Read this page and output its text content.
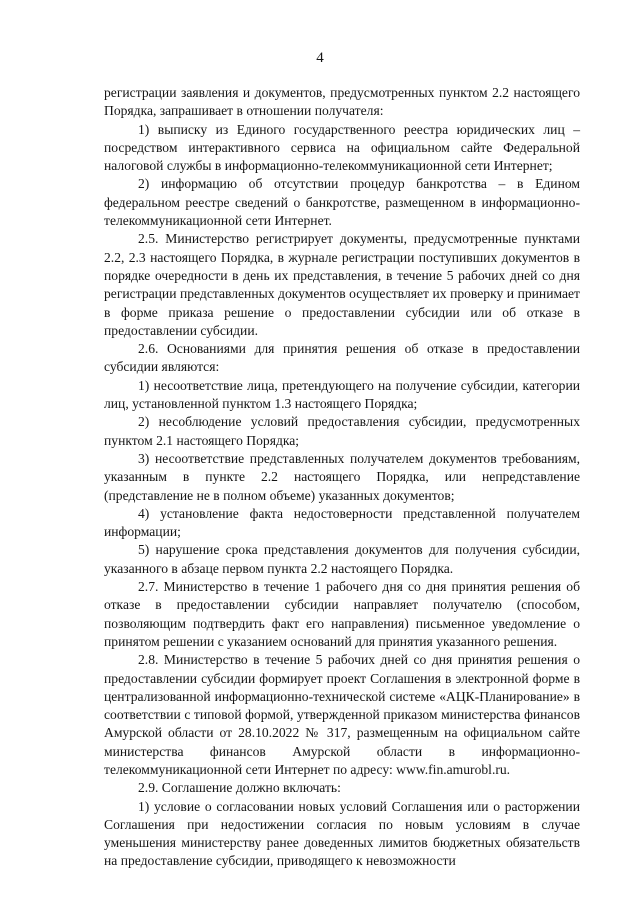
4

регистрации заявления и документов, предусмотренных пунктом 2.2 настоящего Порядка, запрашивает в отношении получателя:

1) выписку из Единого государственного реестра юридических лиц – посредством интерактивного сервиса на официальном сайте Федеральной налоговой службы в информационно-телекоммуникационной сети Интернет;

2) информацию об отсутствии процедур банкротства – в Едином федеральном реестре сведений о банкротстве, размещенном в информационно-телекоммуникационной сети Интернет.

2.5. Министерство регистрирует документы, предусмотренные пунктами 2.2, 2.3 настоящего Порядка, в журнале регистрации поступивших документов в порядке очередности в день их представления, в течение 5 рабочих дней со дня регистрации представленных документов осуществляет их проверку и принимает в форме приказа решение о предоставлении субсидии или об отказе в предоставлении субсидии.

2.6. Основаниями для принятия решения об отказе в предоставлении субсидии являются:

1) несоответствие лица, претендующего на получение субсидии, категории лиц, установленной пунктом 1.3 настоящего Порядка;

2) несоблюдение условий предоставления субсидии, предусмотренных пунктом 2.1 настоящего Порядка;

3) несоответствие представленных получателем документов требованиям, указанным в пункте 2.2 настоящего Порядка, или непредставление (представление не в полном объеме) указанных документов;

4) установление факта недостоверности представленной получателем информации;

5) нарушение срока представления документов для получения субсидии, указанного в абзаце первом пункта 2.2 настоящего Порядка.

2.7. Министерство в течение 1 рабочего дня со дня принятия решения об отказе в предоставлении субсидии направляет получателю (способом, позволяющим подтвердить факт его направления) письменное уведомление о принятом решении с указанием оснований для принятия указанного решения.

2.8. Министерство в течение 5 рабочих дней со дня принятия решения о предоставлении субсидии формирует проект Соглашения в электронной форме в централизованной информационно-технической системе «АЦК-Планирование» в соответствии с типовой формой, утвержденной приказом министерства финансов Амурской области от 28.10.2022 № 317, размещенным на официальном сайте министерства финансов Амурской области в информационно-телекоммуникационной сети Интернет по адресу: www.fin.amurobl.ru.

2.9. Соглашение должно включать:

1) условие о согласовании новых условий Соглашения или о расторжении Соглашения при недостижении согласия по новым условиям в случае уменьшения министерству ранее доведенных лимитов бюджетных обязательств на предоставление субсидии, приводящего к невозможности
